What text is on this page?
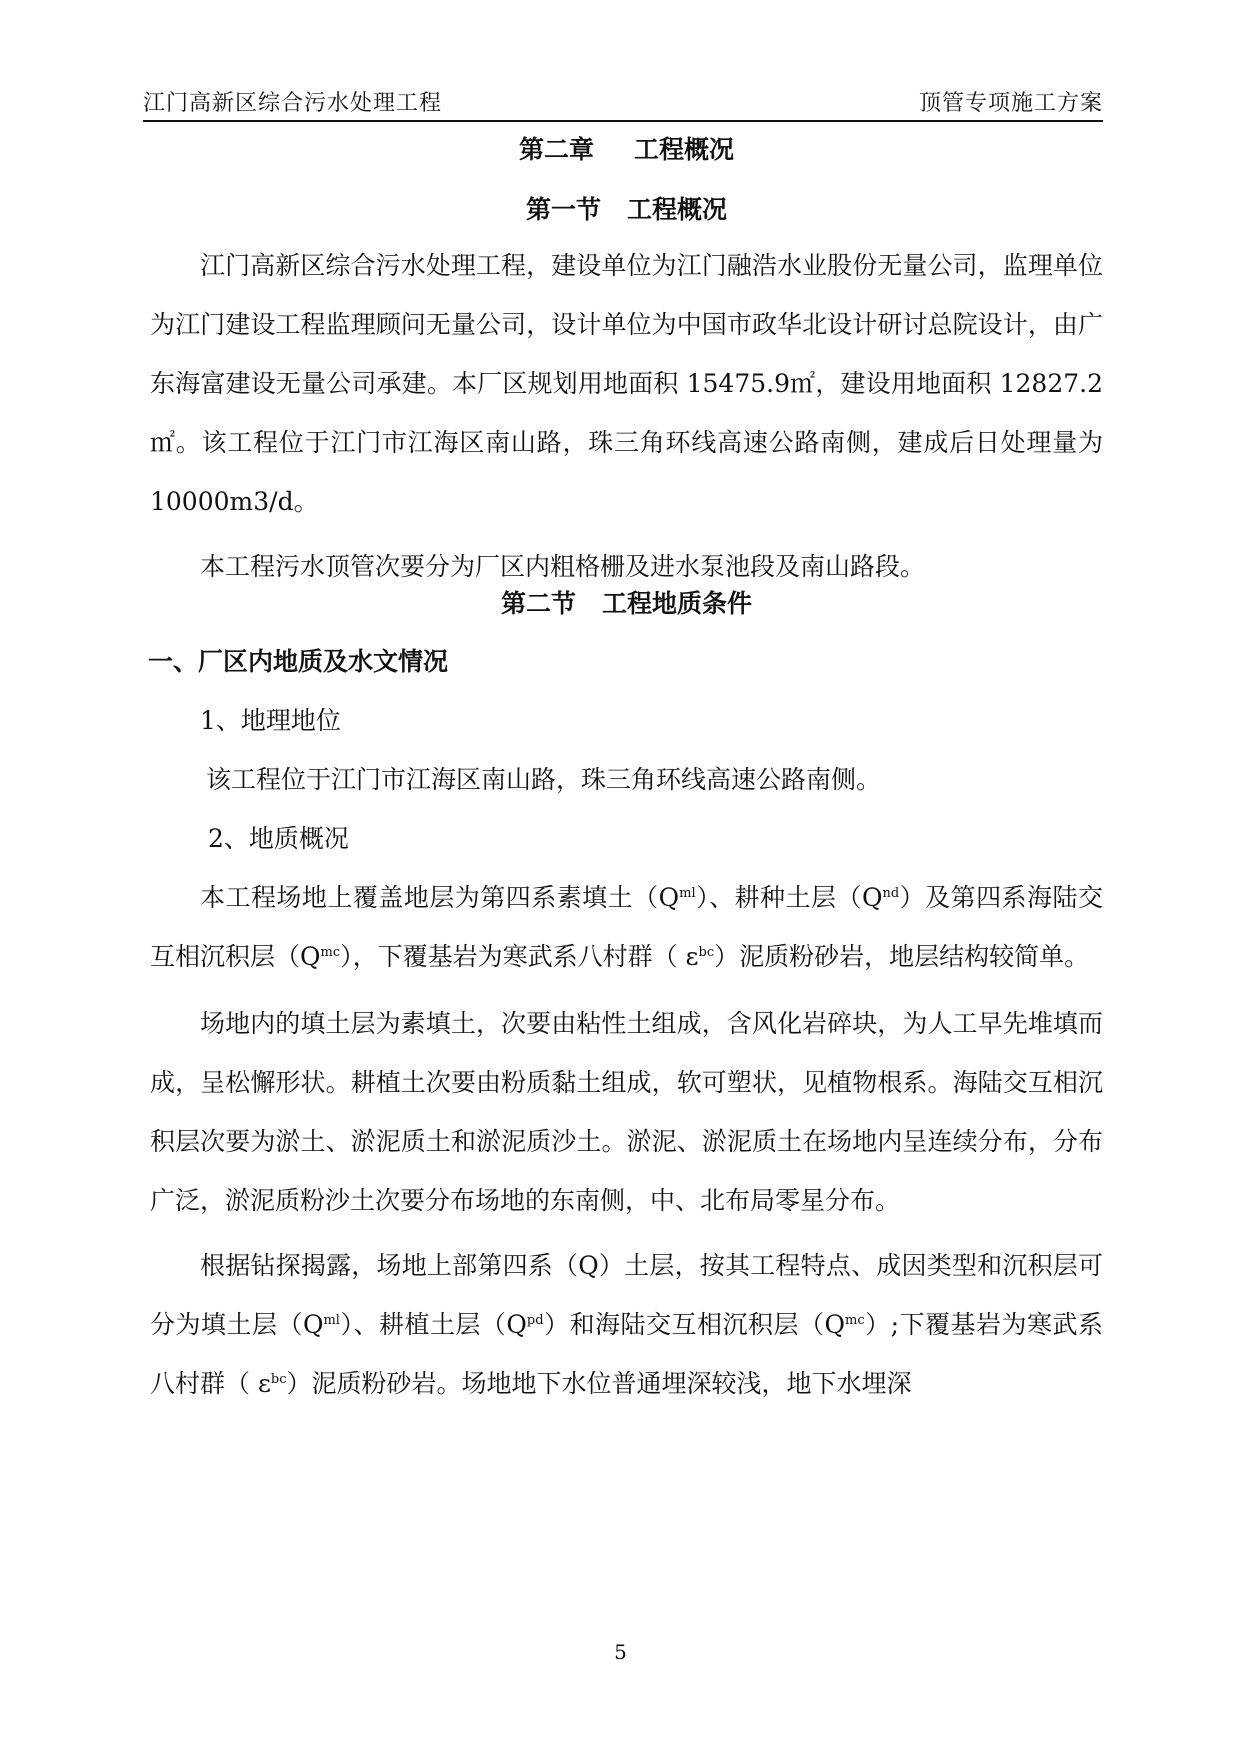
江门高新区综合污水处理工程	顶管专项施工方案
第二章 工程概况
第一节 工程概况

江门高新区综合污水处理工程，建设单位为江门融浩水业股份无量公司，监理单位为江门建设工程监理顾问无量公司，设计单位为中国市政华北设计研讨总院设计，由广东海富建设无量公司承建。本厂区规划用地面积 15475.9㎡，建设用地面积 12827.2㎡。该工程位于江门市江海区南山路，珠三角环线高速公路南侧，建成后日处理量为 10000m3/d。

本工程污水顶管次要分为厂区内粗格栅及进水泵池段及南山路段。

第二节 工程地质条件
一、厂区内地质及水文情况
1、地理地位
该工程位于江门市江海区南山路，珠三角环线高速公路南侧。
2、地质概况

本工程场地上覆盖地层为第四系素填土$(Q^{ml})$、耕种土层$(Q^{nd})$及第四系海陆交互相沉积层$(Q^{mc})$，下覆基岩为寒武系八村群（ $\varepsilon^{bc}$）泥质粉砂岩，地层结构较简单。

场地内的填土层为素填土，次要由粘性土组成，含风化岩碎块，为人工早先堆填而成，呈松懈形状。耕植土次要由粉质黏土组成，软可塑状，见植物根系。海陆交互相沉积层次要为淤土、淤泥质土和淤泥质沙土。淤泥、淤泥质土在场地内呈连续分布，分布广泛，淤泥质粉沙土次要分布场地的东南侧，中、北布局零星分布。

根据钻探揭露，场地上部第四系（Q）土层，按其工程特点、成因类型和沉积层可分为填土层$(Q^{ml})$、耕植土层$(Q^{pd})$和海陆交互相沉积层$(Q^{mc})$;下覆基岩为寒武系八村群（ $\varepsilon^{bc}$）泥质粉砂岩。场地地下水位普通埋深较浅，地下水埋深

5
